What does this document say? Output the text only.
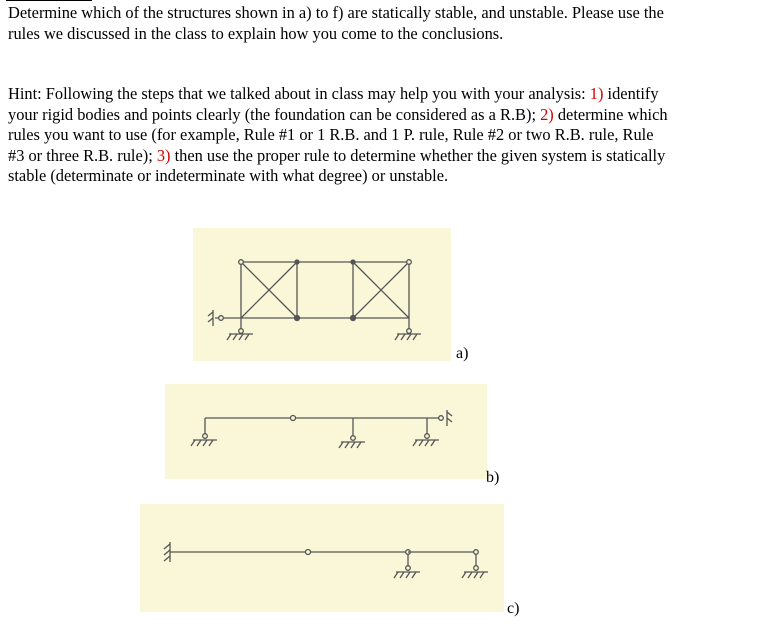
Determine which of the structures shown in a) to f) are statically stable, and unstable. Please use the rules we discussed in the class to explain how you come to the conclusions.
Hint: Following the steps that we talked about in class may help you with your analysis: 1) identify your rigid bodies and points clearly (the foundation can be considered as a R.B); 2) determine which rules you want to use (for example, Rule #1 or 1 R.B. and 1 P. rule, Rule #2 or two R.B. rule, Rule #3 or three R.B. rule); 3) then use the proper rule to determine whether the given system is statically stable (determinate or indeterminate with what degree) or unstable.
a)
b)
c)
